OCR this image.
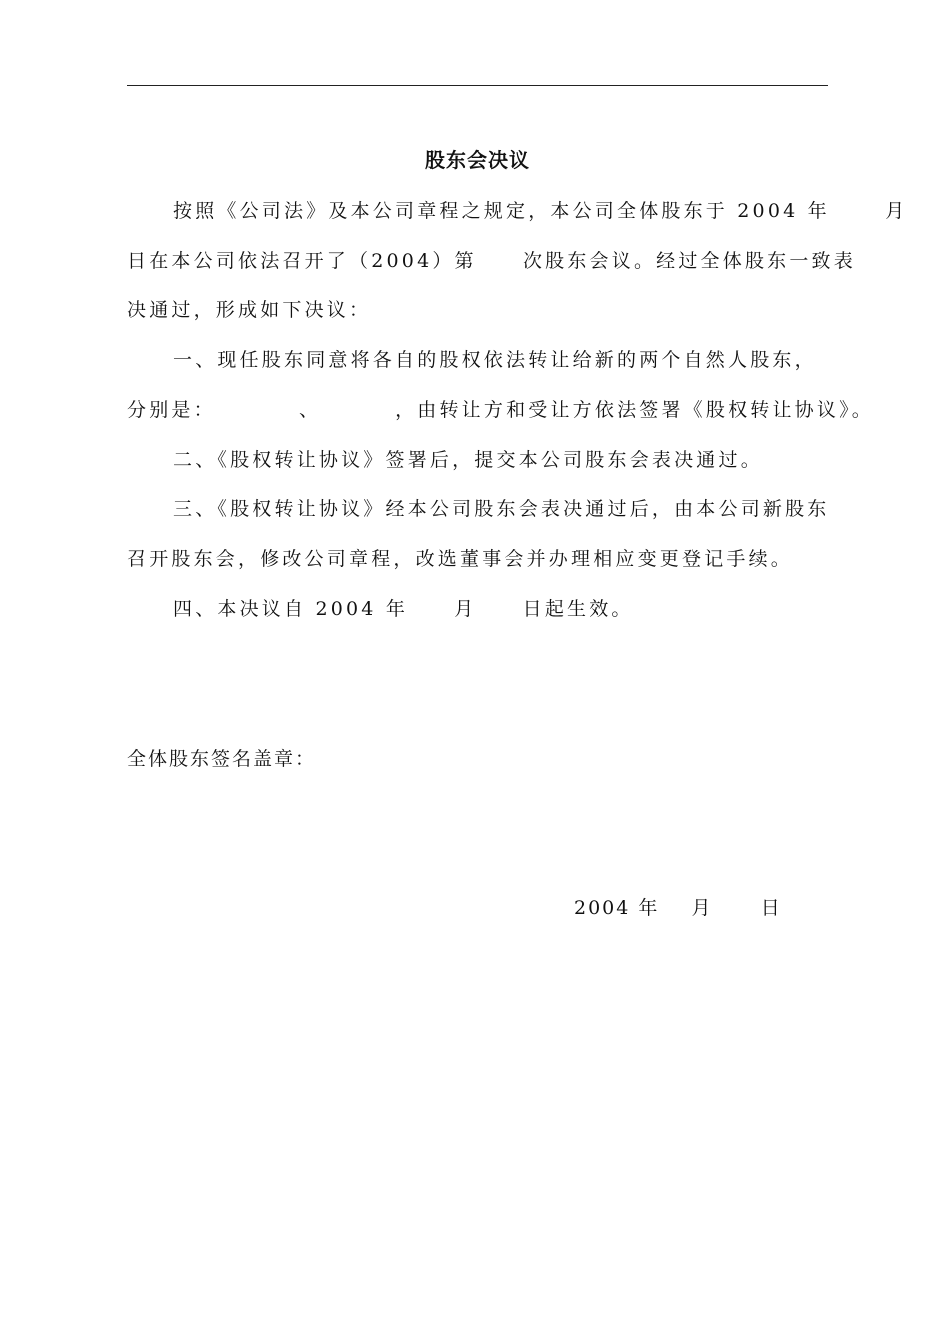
股东会决议
按照《公司法》及本公司章程之规定，本公司全体股东于 2004 年      月
日在本公司依法召开了（2004）第     次股东会议。经过全体股东一致表
决通过，形成如下决议：
一、现任股东同意将各自的股权依法转让给新的两个自然人股东，
分别是：         、        ，由转让方和受让方依法签署《股权转让协议》。
二、《股权转让协议》签署后，提交本公司股东会表决通过。
三、《股权转让协议》经本公司股东会表决通过后，由本公司新股东
召开股东会，修改公司章程，改选董事会并办理相应变更登记手续。
四、本决议自 2004 年     月     日起生效。
全体股东签名盖章：
2004 年    月      日
